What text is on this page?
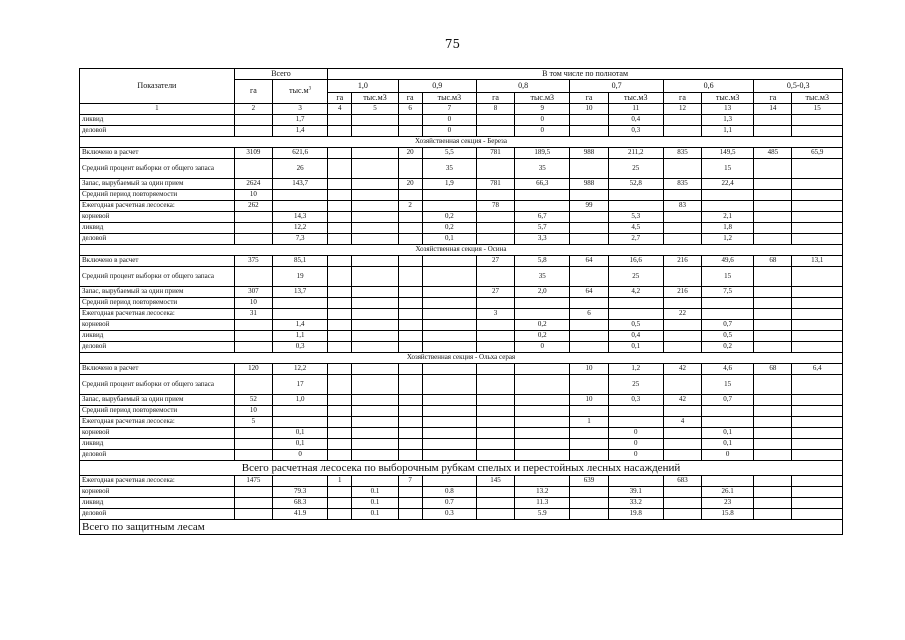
75
Показатели	Всего		В том числе по полнотам											
	га	$тыс.м^3$	1,0		0,9		0,8		0,7		0,6		0,5-0,3	
			га	тыс.м3	га	тыс.м3	га	тыс.м3	га	тыс.м3	га	тыс.м3	га	тыс.м3
1	2	3	4	5	6	7	8	9	10	11	12	13	14	15
ликвид		1,7				0		0		0,4		1,3		
деловой		1,4				0		0		0,3		1,1		
Хозяйственная секция - Береза														
Включено в расчет	3109	621,6			20	5,5	781	189,5	988	211,2	835	149,5	485	65,9
Средний процент выборки от общего запаса		26				35		35		25		15		
Запас, вырубаемый за один прием	2624	143,7			20	1,9	781	66,3	988	52,8	835	22,4		
Средний период повторяемости	10													
Ежегодная расчетная лесосека:	262				2		78		99		83			
корневой		14,3				0,2		6,7		5,3		2,1		
ликвид		12,2				0,2		5,7		4,5		1,8		
деловой		7,3				0,1		3,3		2,7		1,2		
Хозяйственная секция - Осина														
Включено в расчет	375	85,1					27	5,8	64	16,6	216	49,6	68	13,1
Средний процент выборки от общего запаса		19						35		25		15		
Запас, вырубаемый за один прием	307	13,7					27	2,0	64	4,2	216	7,5		
Средний период повторяемости	10													
Ежегодная расчетная лесосека:	31						3		6		22			
корневой		1,4						0,2		0,5		0,7		
ликвид		1,1						0,2		0,4		0,5		
деловой		0,3						0		0,1		0,2		
Хозяйственная секция - Ольха серая														
Включено в расчет	120	12,2							10	1,2	42	4,6	68	6,4
Средний процент выборки от общего запаса		17								25		15		
Запас, вырубаемый за один прием	52	1,0							10	0,3	42	0,7		
Средний период повторяемости	10													
Ежегодная расчетная лесосека:	5								1		4			
корневой		0,1								0		0,1		
ликвид		0,1								0		0,1		
деловой		0								0		0		
Всего расчетная лесосека по выборочным рубкам спелых и перестойных лесных насаждений														
Ежегодная расчетная лесосека:	1475		1		7		145		639		683			
корневой		79.3		0.1		0.8		13.2		39.1		26.1		
ликвид		68.3		0.1		0.7		11.3		33.2		23		
деловой		41.9		0.1		0.3		5.9		19.8		15.8		
Всего по защитным лесам														
